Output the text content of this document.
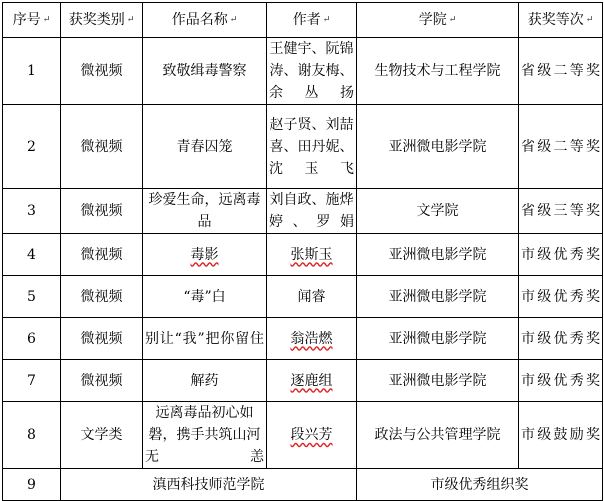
序号 ↵	获奖类别 ↵	作品名称 ↵	作者 ↵	学院 ↵	获奖等次 ↵
1	微视频	致敬缉毒警察	王健宇、阮锦涛、谢友梅、余丛扬	生物技术与工程学院	省级二等奖
2	微视频	青春囚笼	赵子贤、刘喆喜、田丹妮、沈玉飞	亚洲微电影学院	省级二等奖
3	微视频	珍爱生命，远离毒品	刘自政、施烨婷、罗娟	文学院	省级三等奖
4	微视频	毒影	张斯玉	亚洲微电影学院	市级优秀奖
5	微视频	“毒”白	闻睿	亚洲微电影学院	市级优秀奖
6	微视频	别让“我”把你留住	翁浩燃	亚洲微电影学院	市级优秀奖
7	微视频	解药	逐鹿组	亚洲微电影学院	市级优秀奖
8	文学类	远离毒品初心如磐，携手共筑山河无恙	段兴芳	政法与公共管理学院	市级鼓励奖
9	滇西科技师范学院			市级优秀组织奖	
